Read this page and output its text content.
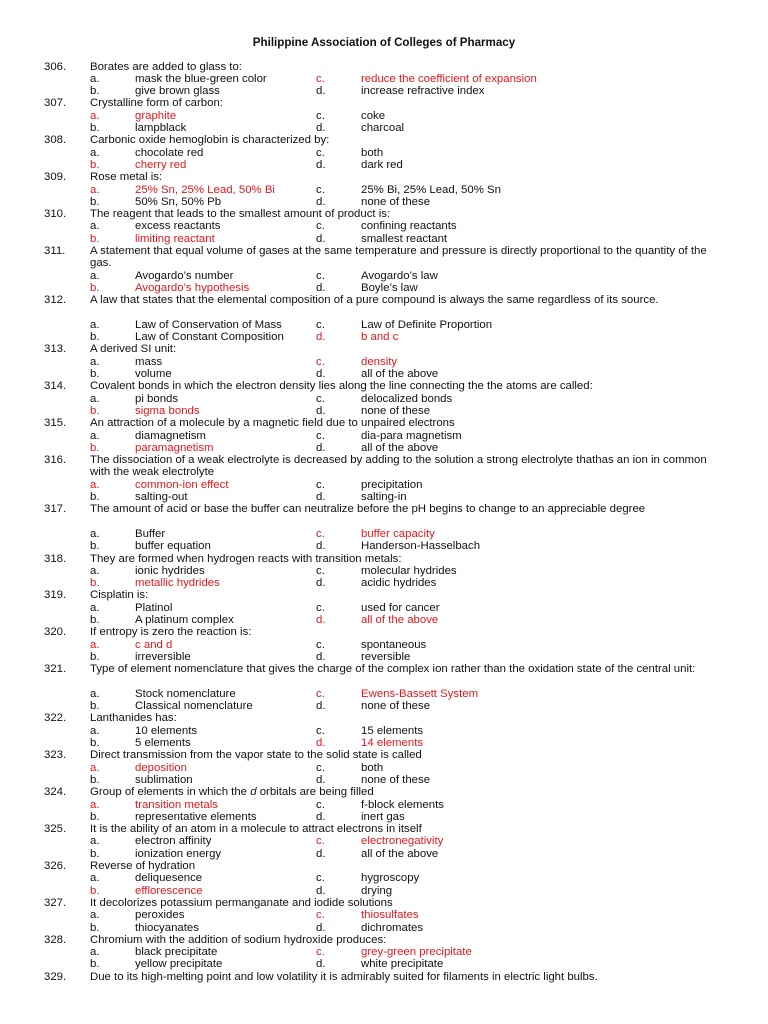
Philippine Association of Colleges of Pharmacy
306. Borates are added to glass to:
a.	mask the blue-green color	c.	reduce the coefficient of expansion
b.	give brown glass	d.	increase refractive index
307. Crystalline form of carbon:
a.	graphite	c.	coke
b.	lampblack	d.	charcoal
308. Carbonic oxide hemoglobin is characterized by:
a.	chocolate red	c.	both
b.	cherry red	d.	dark red
309. Rose metal is:
a.	25% Sn, 25% Lead, 50% Bi	c.	25% Bi, 25% Lead, 50% Sn
b.	50% Sn, 50% Pb	d.	none of these
310. The reagent that leads to the smallest amount of product is:
a.	excess reactants	c.	confining reactants
b.	limiting reactant	d.	smallest reactant
311. A statement that equal volume of gases at the same temperature and pressure is directly proportional to the quantity of the gas.
a.	Avogardo’s number	c.	Avogardo’s law
b.	Avogardo’s hypothesis	d.	Boyle’s law
312. A law that states that the elemental composition of a pure compound is always the same regardless of its source.
a.	Law of Conservation of Mass	c.	Law of Definite Proportion
b.	Law of Constant Composition	d.	b and c
313. A derived SI unit:
a.	mass	c.	density
b.	volume	d.	all of the above
314. Covalent bonds in which the electron density lies along the line connecting the the atoms are called:
a.	pi bonds	c.	delocalized bonds
b.	sigma bonds	d.	none of these
315. An attraction of a molecule by a magnetic field due to unpaired electrons
a.	diamagnetism	c.	dia-para magnetism
b.	paramagnetism	d.	all of the above
316. The dissociation of a weak electrolyte is decreased by adding to the solution a strong electrolyte thathas an ion in common with the weak electrolyte
a.	common-ion effect	c.	precipitation
b.	salting-out	d.	salting-in
317. The amount of acid or base the buffer can neutralize before the pH begins to change to an appreciable degree
a.	Buffer	c.	buffer capacity
b.	buffer equation	d.	Handerson-Hasselbach
318. They are formed when hydrogen reacts with transition metals:
a.	ionic hydrides	c.	molecular hydrides
b.	metallic hydrides	d.	acidic hydrides
319. Cisplatin is:
a.	Platinol	c.	used for cancer
b.	A platinum complex	d.	all of the above
320. If entropy is zero the reaction is:
a.	c and d	c.	spontaneous
b.	irreversible	d.	reversible
321. Type of element nomenclature that gives the charge of the complex ion rather than the oxidation state of the central unit:
a.	Stock nomenclature	c.	Ewens-Bassett System
b.	Classical nomenclature	d.	none of these
322. Lanthanides has:
a.	10 elements	c.	15 elements
b.	5 elements	d.	14 elements
323. Direct transmission from the vapor state to the solid state is called
a.	deposition	c.	both
b.	sublimation	d.	none of these
324. Group of elements in which the d orbitals are being filled
a.	transition metals	c.	f-block elements
b.	representative elements	d.	inert gas
325. It is the ability of an atom in a molecule to attract electrons in itself
a.	electron affinity	c.	electronegativity
b.	ionization energy	d.	all of the above
326. Reverse of hydration
a.	deliquesence	c.	hygroscopy
b.	efflorescence	d.	drying
327. It decolorizes potassium permanganate and iodide solutions
a.	peroxides	c.	thiosulfates
b.	thiocyanates	d.	dichromates
328. Chromium with the addition of sodium hydroxide produces:
a.	black precipitate	c.	grey-green precipitate
b.	yellow precipitate	d.	white precipitate
329. Due to its high-melting point and low volatility it is admirably suited for filaments in electric light bulbs.
